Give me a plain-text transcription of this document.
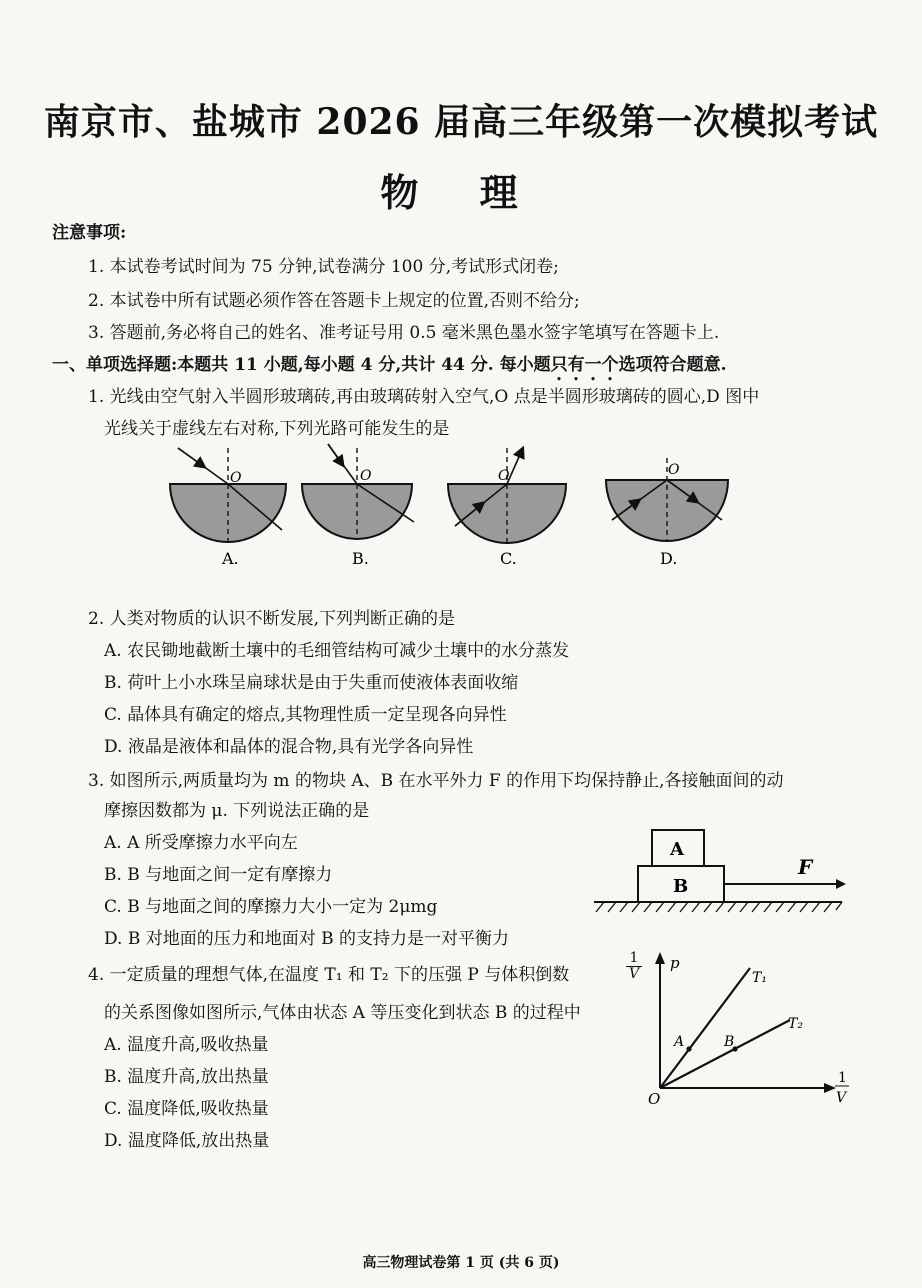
南京市、盐城市 2026 届高三年级第一次模拟考试
物 理
注意事项:
1. 本试卷考试时间为 75 分钟,试卷满分 100 分,考试形式闭卷;
2. 本试卷中所有试题必须作答在答题卡上规定的位置,否则不给分;
3. 答题前,务必将自己的姓名、准考证号用 0.5 毫米黑色墨水签字笔填写在答题卡上.
一、单项选择题:本题共 11 小题,每小题 4 分,共计 44 分. 每小题只有一个选项符合题意.
1. 光线由空气射入半圆形玻璃砖,再由玻璃砖射入空气,O 点是半圆形玻璃砖的圆心,D 图中
光线关于虚线左右对称,下列光路可能发生的是
O
A.
O
B.
O
C.
O
D.
2. 人类对物质的认识不断发展,下列判断正确的是
A. 农民锄地截断土壤中的毛细管结构可减少土壤中的水分蒸发
B. 荷叶上小水珠呈扁球状是由于失重而使液体表面收缩
C. 晶体具有确定的熔点,其物理性质一定呈现各向异性
D. 液晶是液体和晶体的混合物,具有光学各向异性
3. 如图所示,两质量均为 m 的物块 A、B 在水平外力 F 的作用下均保持静止,各接触面间的动
摩擦因数都为 μ. 下列说法正确的是
A. A 所受摩擦力水平向左
B. B 与地面之间一定有摩擦力
C. B 与地面之间的摩擦力大小一定为 2μmg
D. B 对地面的压力和地面对 B 的支持力是一对平衡力
A
B
F
4. 一定质量的理想气体,在温度 T₁ 和 T₂ 下的压强 P 与体积倒数	$\frac{1}{V}$
的关系图像如图所示,气体由状态 A 等压变化到状态 B 的过程中
A. 温度升高,吸收热量
B. 温度升高,放出热量
C. 温度降低,吸收热量
D. 温度降低,放出热量
p
1
V
O
T₁
T₂
A	B
高三物理试卷第 1 页 (共 6 页)
